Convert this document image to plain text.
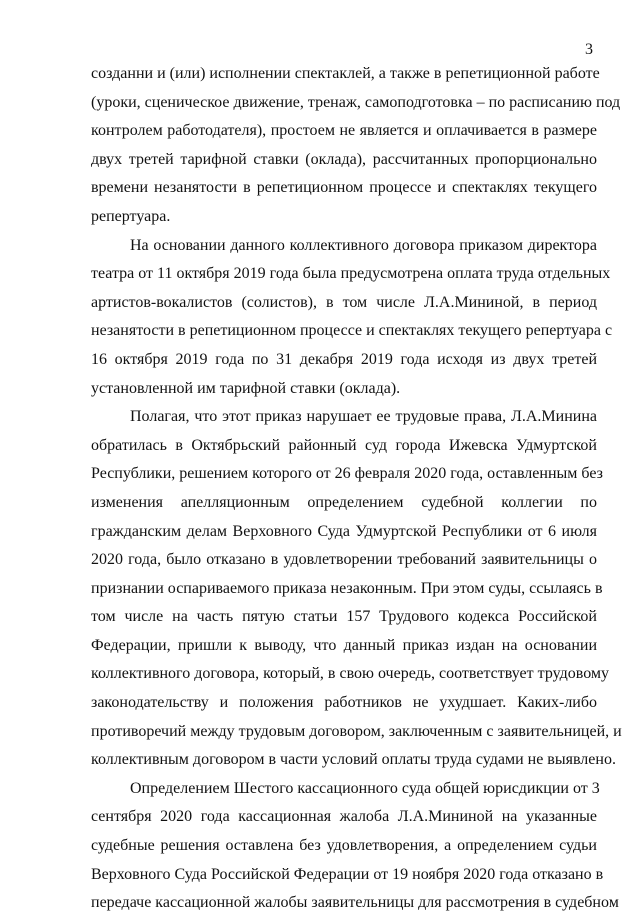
3

созданни и (или) исполнении спектаклей, а также в репетиционной работе
(уроки, сценическое движение, тренаж, самоподготовка – по расписанию под
контролем работодателя), простоем не является и оплачивается в размере
двух третей тарифной ставки (оклада), рассчитанных пропорционально
времени незанятости в репетиционном процессе и спектаклях текущего
репертуара.

На основании данного коллективного договора приказом директора
театра от 11 октября 2019 года была предусмотрена оплата труда отдельных
артистов-вокалистов (солистов), в том числе Л.А.Мининой, в период
незанятости в репетиционном процессе и спектаклях текущего репертуара с
16 октября 2019 года по 31 декабря 2019 года исходя из двух третей
установленной им тарифной ставки (оклада).

Полагая, что этот приказ нарушает ее трудовые права, Л.А.Минина
обратилась в Октябрьский районный суд города Ижевска Удмуртской
Республики, решением которого от 26 февраля 2020 года, оставленным без
изменения апелляционным определением судебной коллегии по
гражданским делам Верховного Суда Удмуртской Республики от 6 июля
2020 года, было отказано в удовлетворении требований заявительницы о
признании оспариваемого приказа незаконным. При этом суды, ссылаясь в
том числе на часть пятую статьи 157 Трудового кодекса Российской
Федерации, пришли к выводу, что данный приказ издан на основании
коллективного договора, который, в свою очередь, соответствует трудовому
законодательству и положения работников не ухудшает. Каких-либо
противоречий между трудовым договором, заключенным с заявительницей, и
коллективным договором в части условий оплаты труда судами не выявлено.

Определением Шестого кассационного суда общей юрисдикции от 3
сентября 2020 года кассационная жалоба Л.А.Мининой на указанные
судебные решения оставлена без удовлетворения, а определением судьи
Верховного Суда Российской Федерации от 19 ноября 2020 года отказано в
передаче кассационной жалобы заявительницы для рассмотрения в судебном
